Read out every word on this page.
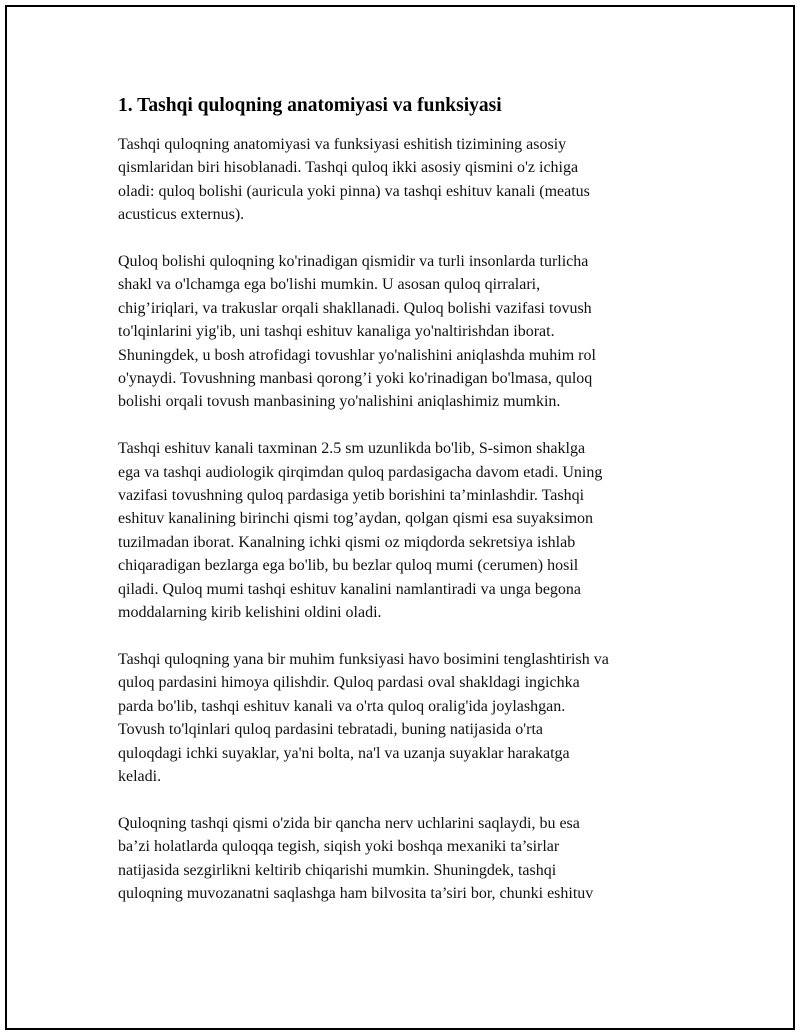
1. Tashqi quloqning anatomiyasi va funksiyasi

Tashqi quloqning anatomiyasi va funksiyasi eshitish tizimining asosiy
qismlaridan biri hisoblanadi. Tashqi quloq ikki asosiy qismini o'z ichiga
oladi: quloq bolishi (auricula yoki pinna) va tashqi eshituv kanali (meatus
acusticus externus).

Quloq bolishi quloqning ko'rinadigan qismidir va turli insonlarda turlicha
shakl va o'lchamga ega bo'lishi mumkin. U asosan quloq qirralari,
chig’iriqlari, va trakuslar orqali shakllanadi. Quloq bolishi vazifasi tovush
to'lqinlarini yig'ib, uni tashqi eshituv kanaliga yo'naltirishdan iborat.
Shuningdek, u bosh atrofidagi tovushlar yo'nalishini aniqlashda muhim rol
o'ynaydi. Tovushning manbasi qorong’i yoki ko'rinadigan bo'lmasa, quloq
bolishi orqali tovush manbasining yo'nalishini aniqlashimiz mumkin.

Tashqi eshituv kanali taxminan 2.5 sm uzunlikda bo'lib, S-simon shaklga
ega va tashqi audiologik qirqimdan quloq pardasigacha davom etadi. Uning
vazifasi tovushning quloq pardasiga yetib borishini ta’minlashdir. Tashqi
eshituv kanalining birinchi qismi tog’aydan, qolgan qismi esa suyaksimon
tuzilmadan iborat. Kanalning ichki qismi oz miqdorda sekretsiya ishlab
chiqaradigan bezlarga ega bo'lib, bu bezlar quloq mumi (cerumen) hosil
qiladi. Quloq mumi tashqi eshituv kanalini namlantiradi va unga begona
moddalarning kirib kelishini oldini oladi.

Tashqi quloqning yana bir muhim funksiyasi havo bosimini tenglashtirish va
quloq pardasini himoya qilishdir. Quloq pardasi oval shakldagi ingichka
parda bo'lib, tashqi eshituv kanali va o'rta quloq oralig'ida joylashgan.
Tovush to'lqinlari quloq pardasini tebratadi, buning natijasida o'rta
quloqdagi ichki suyaklar, ya'ni bolta, na'l va uzanja suyaklar harakatga
keladi.

Quloqning tashqi qismi o'zida bir qancha nerv uchlarini saqlaydi, bu esa
ba’zi holatlarda quloqqa tegish, siqish yoki boshqa mexaniki ta’sirlar
natijasida sezgirlikni keltirib chiqarishi mumkin. Shuningdek, tashqi
quloqning muvozanatni saqlashga ham bilvosita ta’siri bor, chunki eshituv
